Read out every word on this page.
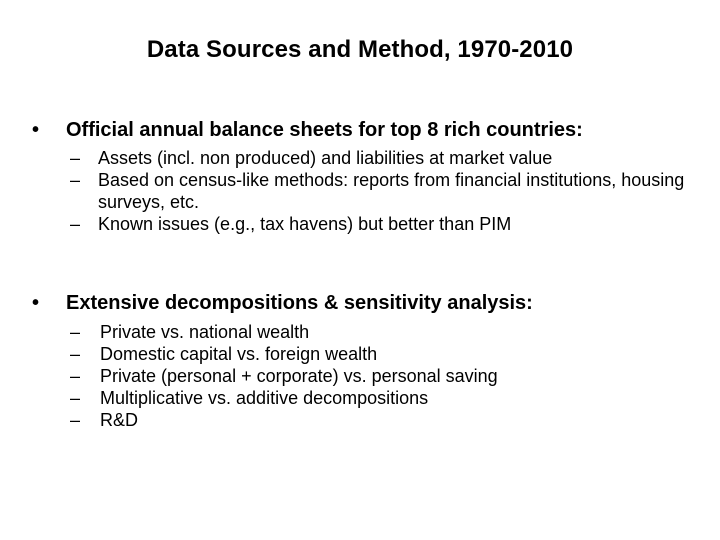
Data Sources and Method, 1970-2010
•	Official annual balance sheets for top 8 rich countries:
– Assets (incl. non produced) and liabilities at market value
– Based on census-like methods: reports from financial institutions, housing surveys, etc.
– Known issues (e.g., tax havens) but better than PIM
•	Extensive decompositions & sensitivity analysis:
– Private vs. national wealth
– Domestic capital vs. foreign wealth
– Private (personal + corporate) vs. personal saving
– Multiplicative vs. additive decompositions
– R&D
